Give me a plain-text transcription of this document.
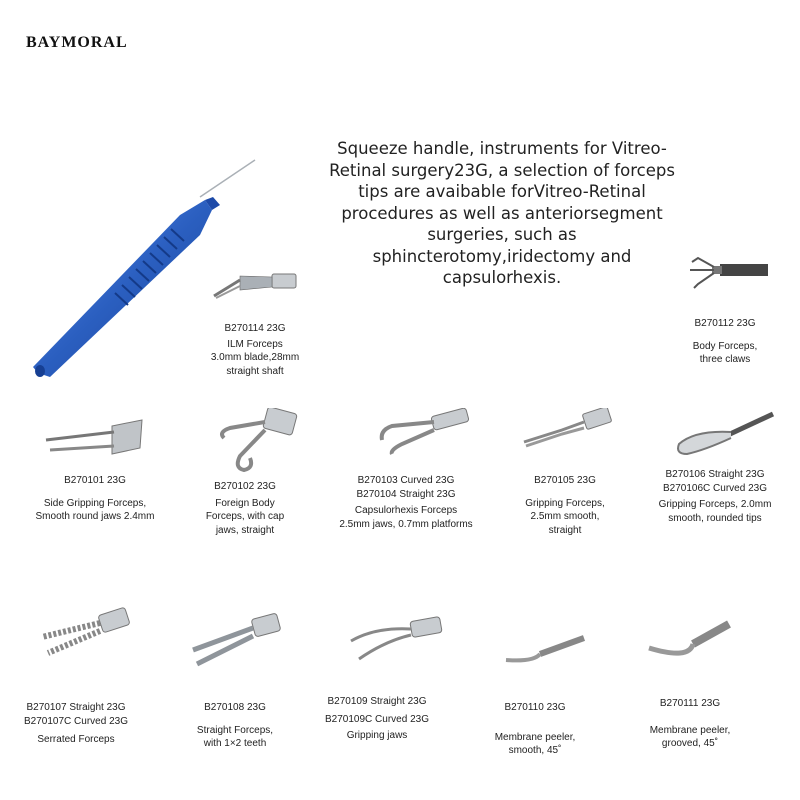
BAYMORAL
Squeeze handle, instruments for Vitreo-Retinal surgery23G, a selection of forceps tips are avaibable forVitreo-Retinal procedures as well as anteriorsegment surgeries, such as sphincterotomy,iridectomy and capsulorhexis.
B270114 23G
ILM Forceps
3.0mm blade,28mm
straight shaft
B270112 23G
Body Forceps,
three claws
B270101 23G
Side Gripping Forceps,
Smooth round jaws 2.4mm
B270102 23G
Foreign Body
Forceps, with cap
jaws, straight
B270103 Curved 23G
B270104 Straight 23G
Capsulorhexis Forceps
2.5mm jaws, 0.7mm platforms
B270105 23G
Gripping Forceps,
2.5mm smooth,
straight
B270106 Straight 23G
B270106C Curved 23G
Gripping Forceps, 2.0mm
smooth, rounded tips
B270107 Straight 23G
B270107C Curved 23G
Serrated Forceps
B270108 23G
Straight Forceps,
with 1×2 teeth
B270109 Straight 23G
B270109C Curved 23G
Gripping jaws
B270110 23G
Membrane peeler,
smooth, 45˚
B270111 23G
Membrane peeler,
grooved, 45˚
